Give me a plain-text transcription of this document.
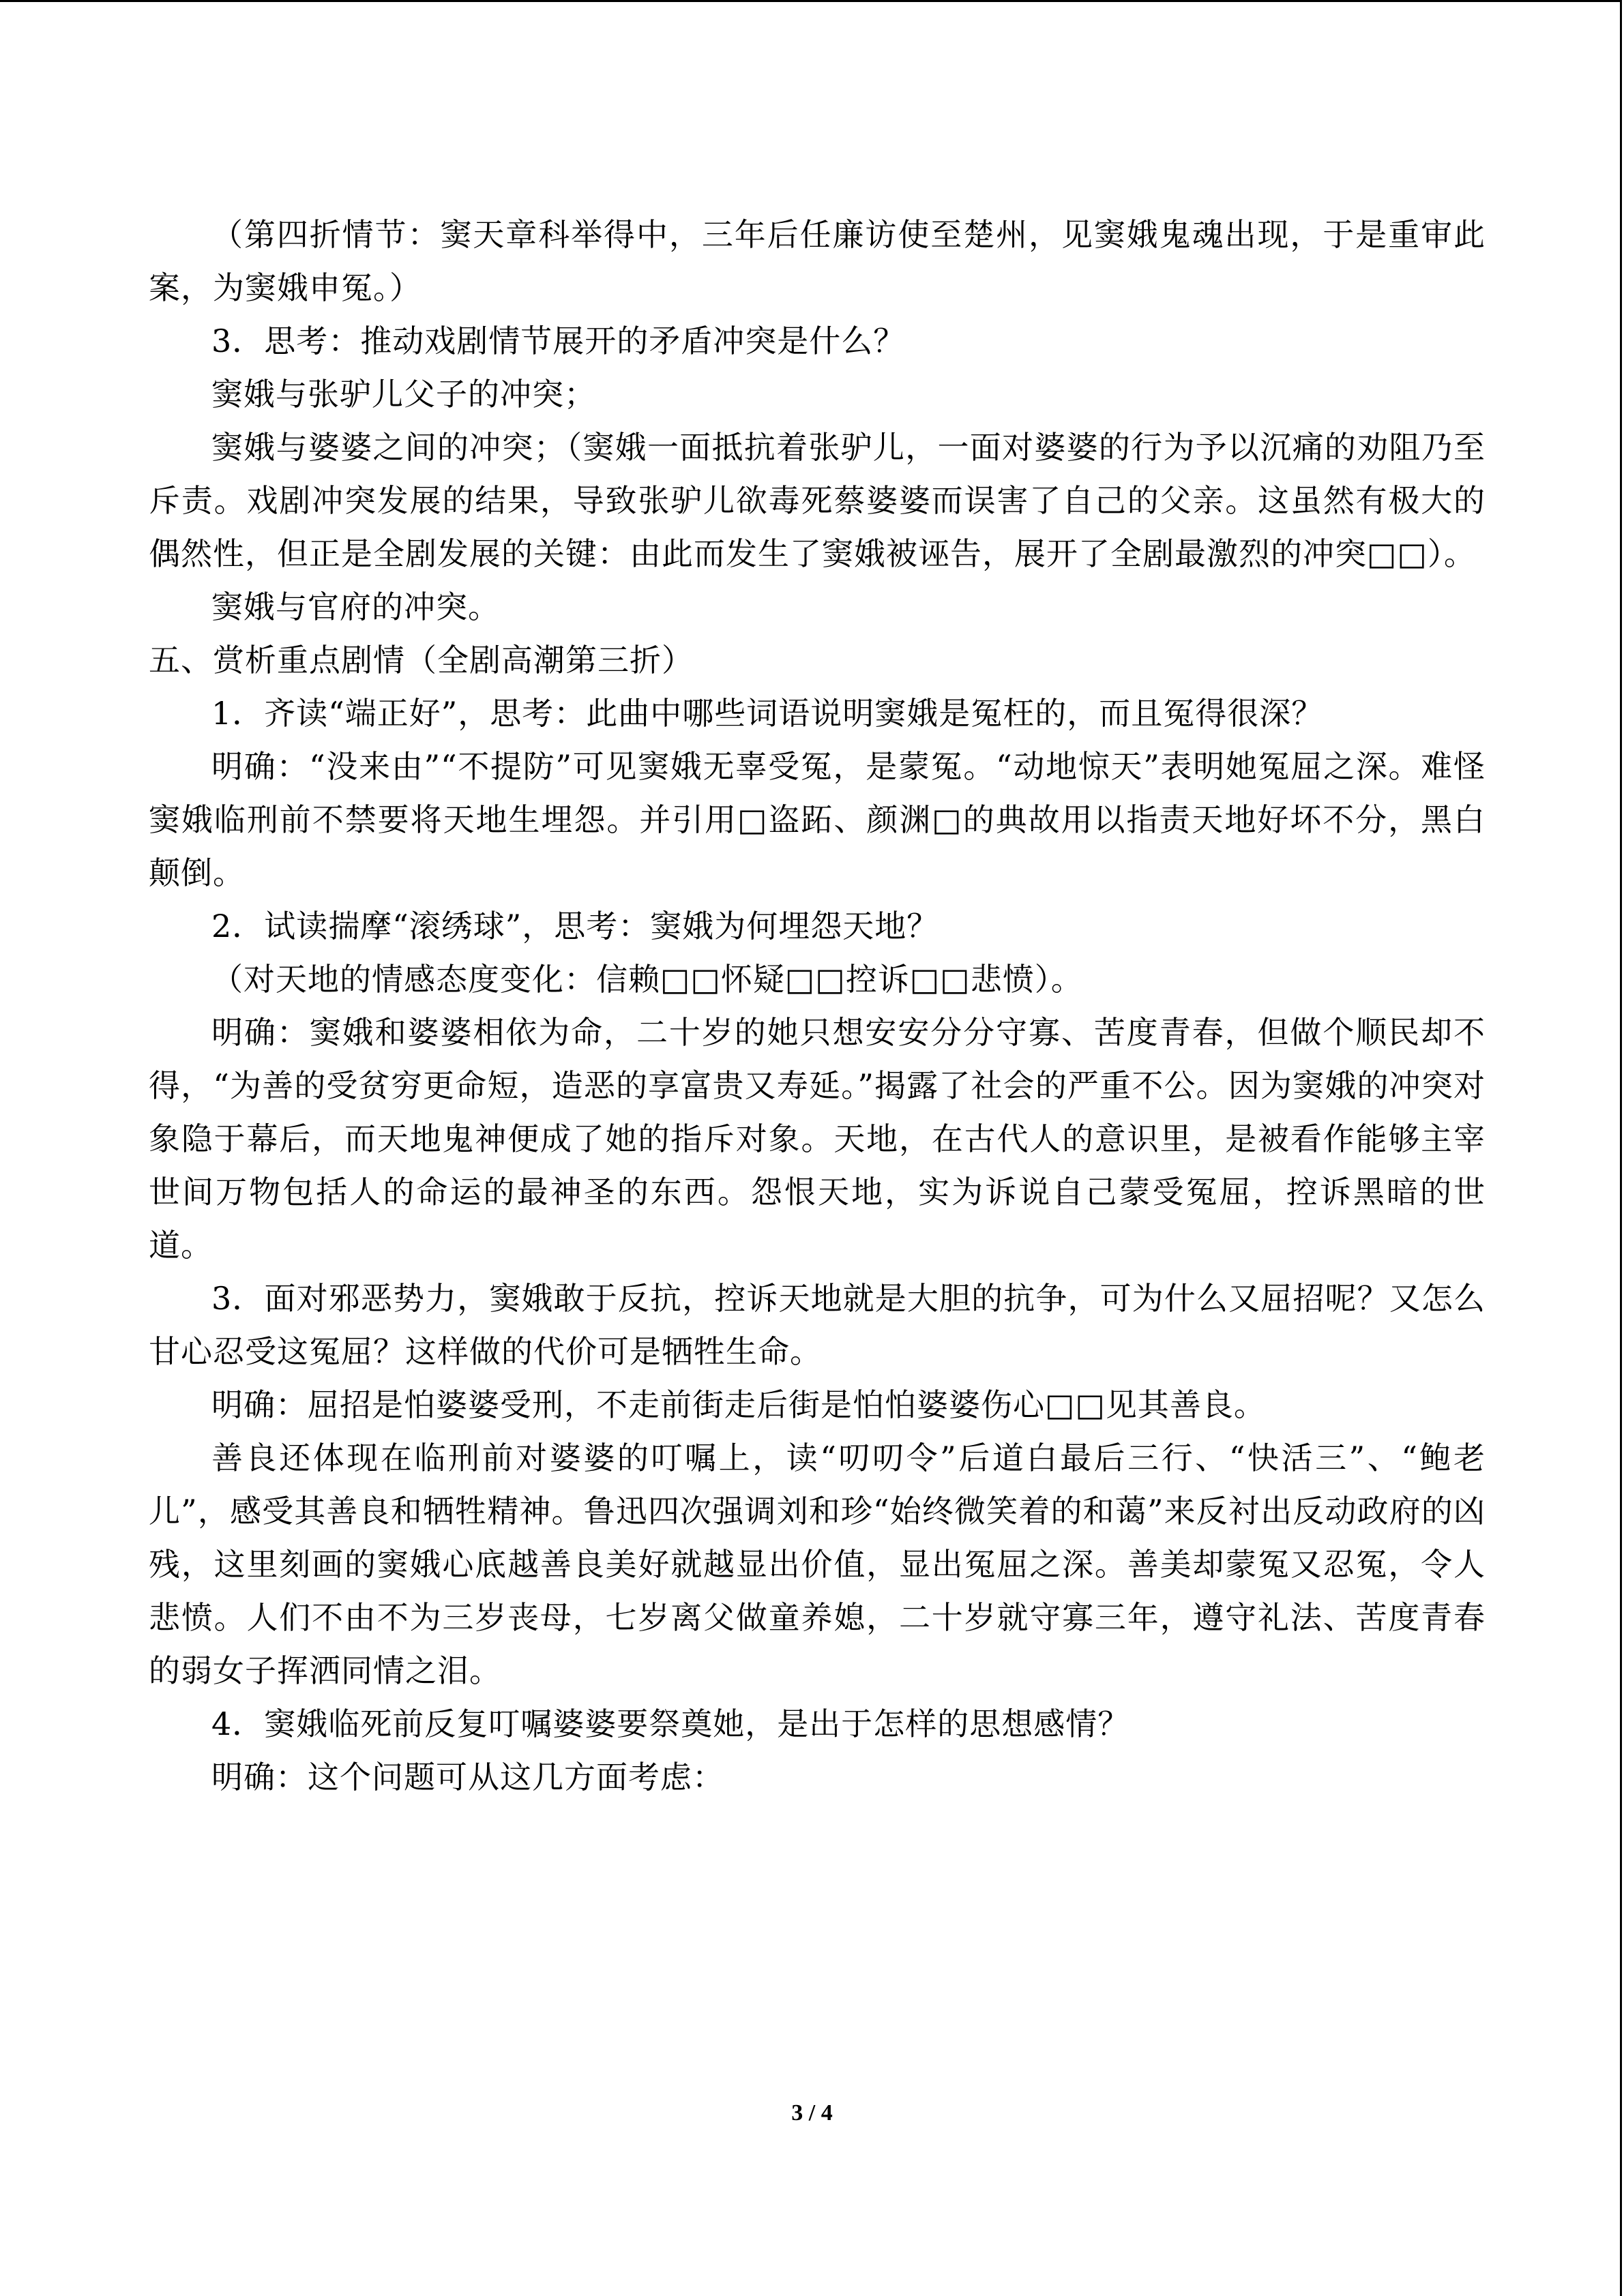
（第四折情节：窦天章科举得中，三年后任廉访使至楚州，见窦娥鬼魂出现，于是重审此案，为窦娥申冤。）

3．思考：推动戏剧情节展开的矛盾冲突是什么？

窦娥与张驴儿父子的冲突；

窦娥与婆婆之间的冲突；（窦娥一面抵抗着张驴儿，一面对婆婆的行为予以沉痛的劝阻乃至斥责。戏剧冲突发展的结果，导致张驴儿欲毒死蔡婆婆而误害了自己的父亲。这虽然有极大的偶然性，但正是全剧发展的关键：由此而发生了窦娥被诬告，展开了全剧最激烈的冲突□□）。

窦娥与官府的冲突。

五、赏析重点剧情（全剧高潮第三折）

1．齐读“端正好”，思考：此曲中哪些词语说明窦娥是冤枉的，而且冤得很深？

明确：“没来由”“不提防”可见窦娥无辜受冤，是蒙冤。“动地惊天”表明她冤屈之深。难怪窦娥临刑前不禁要将天地生埋怨。并引用□盗跖、颜渊□的典故用以指责天地好坏不分，黑白颠倒。

2．试读揣摩“滚绣球”，思考：窦娥为何埋怨天地？

（对天地的情感态度变化：信赖□□怀疑□□控诉□□悲愤）。

明确：窦娥和婆婆相依为命，二十岁的她只想安安分分守寡、苦度青春，但做个顺民却不得，“为善的受贫穷更命短，造恶的享富贵又寿延。”揭露了社会的严重不公。因为窦娥的冲突对象隐于幕后，而天地鬼神便成了她的指斥对象。天地，在古代人的意识里，是被看作能够主宰世间万物包括人的命运的最神圣的东西。怨恨天地，实为诉说自己蒙受冤屈，控诉黑暗的世道。

3．面对邪恶势力，窦娥敢于反抗，控诉天地就是大胆的抗争，可为什么又屈招呢？又怎么甘心忍受这冤屈？这样做的代价可是牺牲生命。

明确：屈招是怕婆婆受刑，不走前街走后街是怕怕婆婆伤心□□见其善良。

善良还体现在临刑前对婆婆的叮嘱上，读“叨叨令”后道白最后三行、“快活三”、“鲍老儿”，感受其善良和牺牲精神。鲁迅四次强调刘和珍“始终微笑着的和蔼”来反衬出反动政府的凶残，这里刻画的窦娥心底越善良美好就越显出价值，显出冤屈之深。善美却蒙冤又忍冤，令人悲愤。人们不由不为三岁丧母，七岁离父做童养媳，二十岁就守寡三年，遵守礼法、苦度青春的弱女子挥洒同情之泪。

4．窦娥临死前反复叮嘱婆婆要祭奠她，是出于怎样的思想感情？

明确：这个问题可从这几方面考虑：

3 / 4
